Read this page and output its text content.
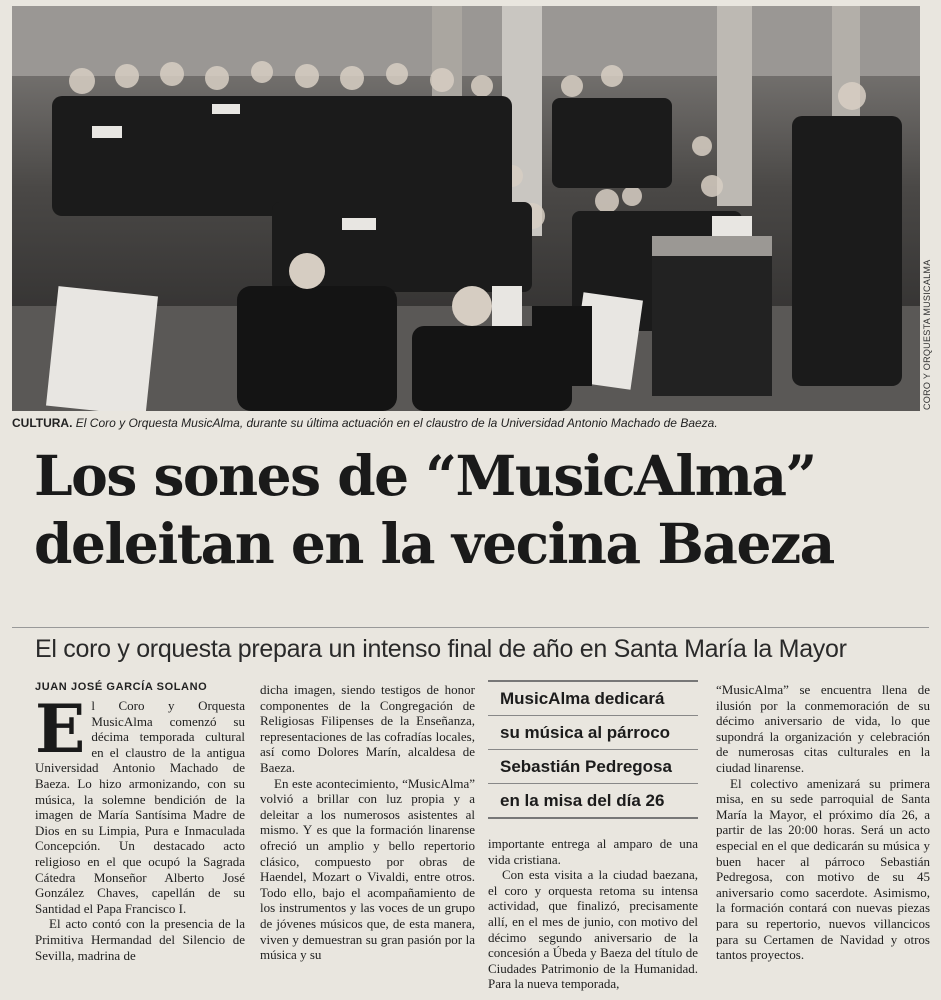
CORO Y ORQUESTA MUSICALMA
CULTURA. El Coro y Orquesta MusicAlma, durante su última actuación en el claustro de la Universidad Antonio Machado de Baeza.
Los sones de “MusicAlma”
deleitan en la vecina Baeza
El coro y orquesta prepara un intenso final de año en Santa María la Mayor
JUAN JOSÉ GARCÍA SOLANO
E l Coro y Orquesta MusicAlma comenzó su décima temporada cultural en el claustro de la antigua Universidad Antonio Machado de Baeza. Lo hizo armonizando, con su música, la solemne bendición de la imagen de María Santísima Madre de Dios en su Limpia, Pura e Inmaculada Concepción. Un destacado acto religioso en el que ocupó la Sagrada Cátedra Monseñor Alberto José González Chaves, capellán de su Santidad el Papa Francisco I.

El acto contó con la presencia de la Primitiva Hermandad del Silencio de Sevilla, madrina de

dicha imagen, siendo testigos de honor componentes de la Congregación de Religiosas Filipenses de la Enseñanza, representaciones de las cofradías locales, así como Dolores Marín, alcaldesa de Baeza.

En este acontecimiento, “MusicAlma” volvió a brillar con luz propia y a deleitar a los numerosos asistentes al mismo. Y es que la formación linarense ofreció un amplio y bello repertorio clásico, compuesto por obras de Haendel, Mozart o Vivaldi, entre otros. Todo ello, bajo el acompañamiento de los instrumentos y las voces de un grupo de jóvenes músicos que, de esta manera, viven y demuestran su gran pasión por la música y su

MusicAlma dedicará
su música al párroco
Sebastián Pedregosa
en la misa del día 26

importante entrega al amparo de una vida cristiana.

Con esta visita a la ciudad baezana, el coro y orquesta retoma su intensa actividad, que finalizó, precisamente allí, en el mes de junio, con motivo del décimo segundo aniversario de la concesión a Úbeda y Baeza del título de Ciudades Patrimonio de la Humanidad. Para la nueva temporada,

“MusicAlma” se encuentra llena de ilusión por la conmemoración de su décimo aniversario de vida, lo que supondrá la organización y celebración de numerosas citas culturales en la ciudad linarense.

El colectivo amenizará su primera misa, en su sede parroquial de Santa María la Mayor, el próximo día 26, a partir de las 20:00 horas. Será un acto especial en el que dedicarán su música y buen hacer al párroco Sebastián Pedregosa, con motivo de su 45 aniversario como sacerdote. Asimismo, la formación contará con nuevas piezas para su repertorio, nuevos villancicos para su Certamen de Navidad y otros tantos proyectos.
